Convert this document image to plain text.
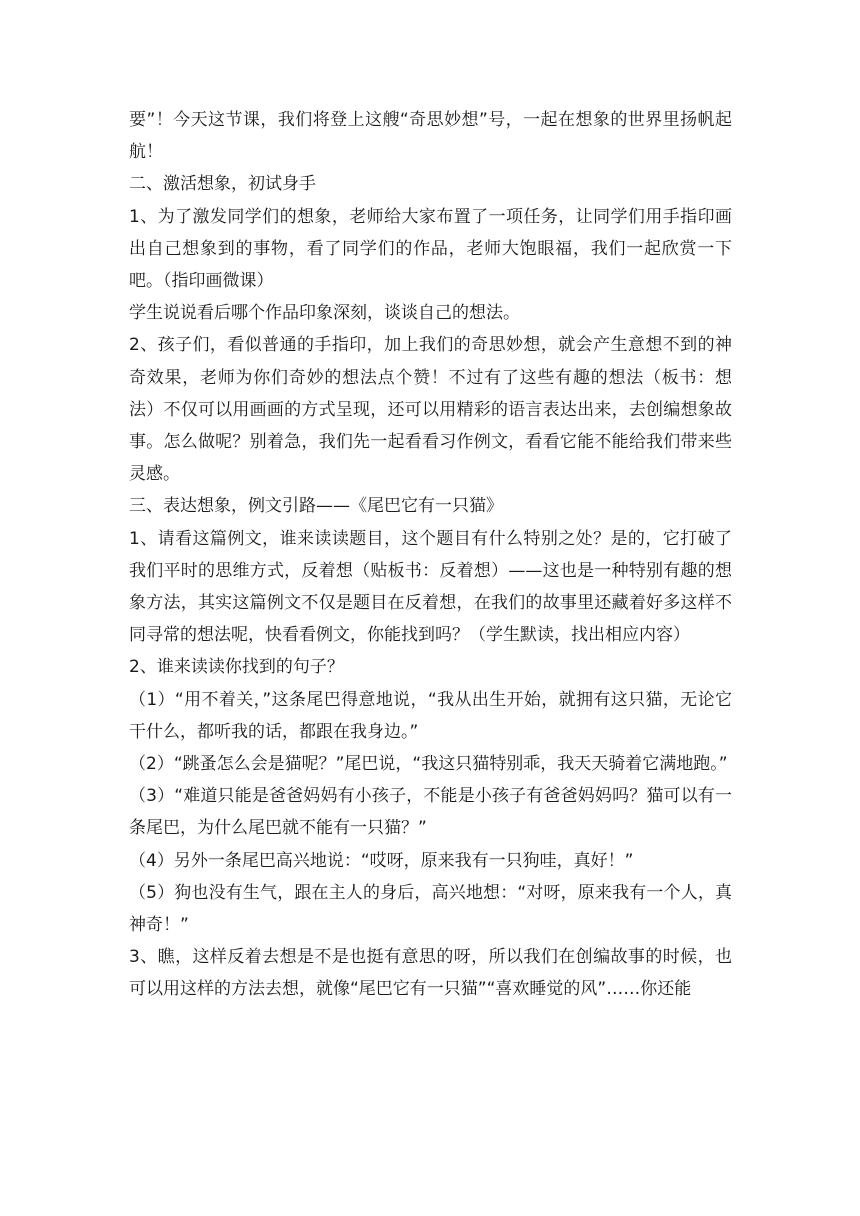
要”！今天这节课，我们将登上这艘“奇思妙想”号，一起在想象的世界里扬帆起航！

二、激活想象，初试身手

1、为了激发同学们的想象，老师给大家布置了一项任务，让同学们用手指印画出自己想象到的事物，看了同学们的作品，老师大饱眼福，我们一起欣赏一下吧。（指印画微课）

学生说说看后哪个作品印象深刻，谈谈自己的想法。

2、孩子们，看似普通的手指印，加上我们的奇思妙想，就会产生意想不到的神奇效果，老师为你们奇妙的想法点个赞！不过有了这些有趣的想法（板书：想法）不仅可以用画画的方式呈现，还可以用精彩的语言表达出来，去创编想象故事。怎么做呢？别着急，我们先一起看看习作例文，看看它能不能给我们带来些灵感。

三、表达想象，例文引路——《尾巴它有一只猫》

1、请看这篇例文，谁来读读题目，这个题目有什么特别之处？是的，它打破了我们平时的思维方式，反着想（贴板书：反着想）——这也是一种特别有趣的想象方法，其实这篇例文不仅是题目在反着想，在我们的故事里还藏着好多这样不同寻常的想法呢，快看看例文，你能找到吗？（学生默读，找出相应内容）

2、谁来读读你找到的句子？

（1）“用不着关，”这条尾巴得意地说，“我从出生开始，就拥有这只猫，无论它干什么，都听我的话，都跟在我身边。”

（2）“跳蚤怎么会是猫呢？”尾巴说，“我这只猫特别乖，我天天骑着它满地跑。”

（3）“难道只能是爸爸妈妈有小孩子，不能是小孩子有爸爸妈妈吗？猫可以有一条尾巴，为什么尾巴就不能有一只猫？”

（4）另外一条尾巴高兴地说：“哎呀，原来我有一只狗哇，真好！”

（5）狗也没有生气，跟在主人的身后，高兴地想：“对呀，原来我有一个人，真神奇！”

3、瞧，这样反着去想是不是也挺有意思的呀，所以我们在创编故事的时候，也可以用这样的方法去想，就像“尾巴它有一只猫”“喜欢睡觉的风”……你还能
